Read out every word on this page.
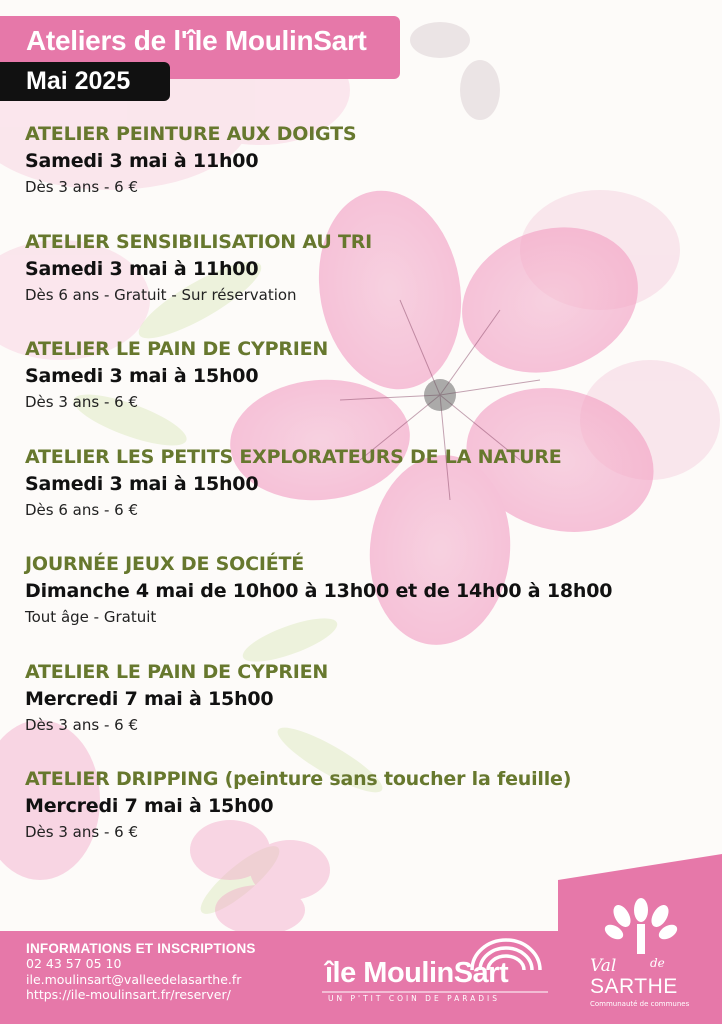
Ateliers de l'île MoulinSart
Mai 2025
ATELIER PEINTURE AUX DOIGTS
Samedi 3 mai à 11h00
Dès 3 ans - 6 €
ATELIER SENSIBILISATION AU TRI
Samedi 3 mai à 11h00
Dès 6 ans - Gratuit - Sur réservation
ATELIER LE PAIN DE CYPRIEN
Samedi 3 mai à 15h00
Dès 3 ans - 6 €
ATELIER LES PETITS EXPLORATEURS DE LA NATURE
Samedi 3 mai à 15h00
Dès 6 ans - 6 €
JOURNÉE JEUX DE SOCIÉTÉ
Dimanche 4 mai de 10h00 à 13h00 et de 14h00 à 18h00
Tout âge - Gratuit
ATELIER LE PAIN DE CYPRIEN
Mercredi 7 mai à 15h00
Dès 3 ans - 6 €
ATELIER DRIPPING (peinture sans toucher la feuille)
Mercredi 7 mai à 15h00
Dès 3 ans - 6 €
INFORMATIONS ET INSCRIPTIONS
02 43 57 05 10
ile.moulinsart@valleedelasarthe.fr
https://ile-moulinsart.fr/reserver/
île MoulinSart
UN P'TIT COIN DE PARADIS
Val	de
SARTHE
Communauté de communes
